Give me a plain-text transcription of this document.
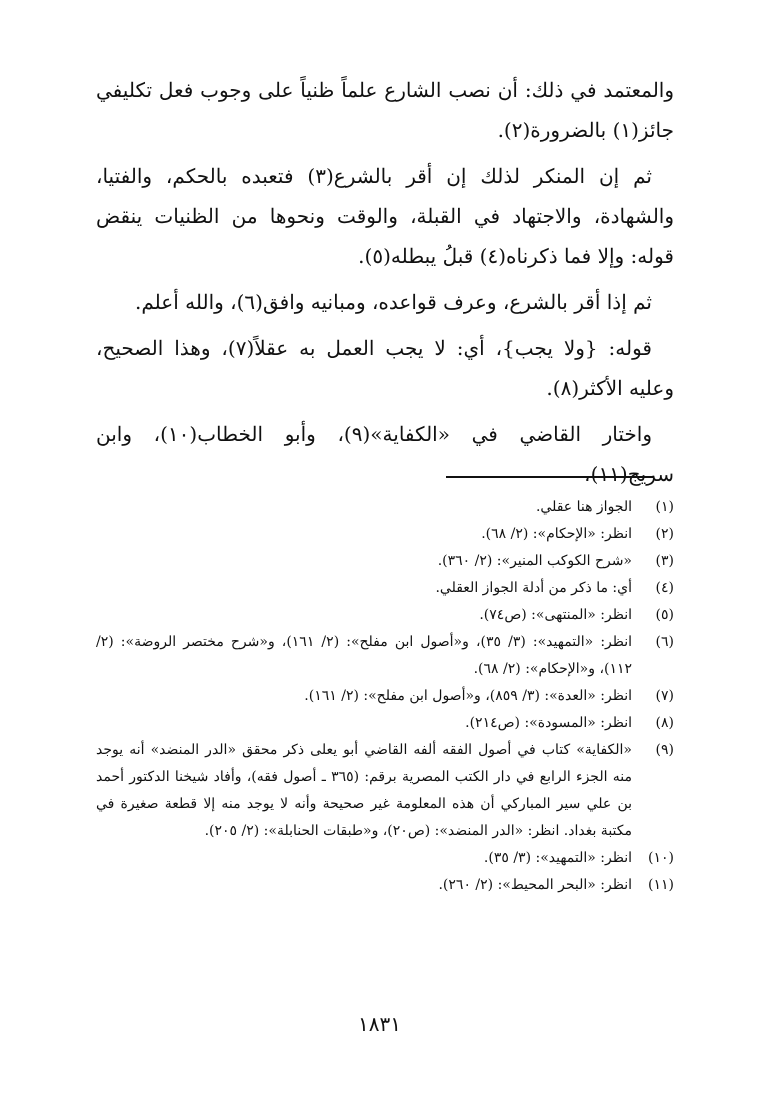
والمعتمد في ذلك: أن نصب الشارع علماً ظنياً على وجوب فعل تكليفي جائز(١) بالضرورة(٢).

ثم إن المنكر لذلك إن أقر بالشرع(٣) فتعبده بالحكم، والفتيا، والشهادة، والاجتهاد في القبلة، والوقت ونحوها من الظنيات ينقض قوله: وإلا فما ذكرناه(٤) قبلُ يبطله(٥).

ثم إذا أقر بالشرع، وعرف قواعده، ومبانيه وافق(٦)، والله أعلم.

قوله: {ولا يجب}، أي: لا يجب العمل به عقلاً(٧)، وهذا الصحيح، وعليه الأكثر(٨).

واختار القاضي في «الكفاية»(٩)، وأبو الخطاب(١٠)، وابن سريج(١١)،

(١)
الجواز هنا عقلي.
(٢)
انظر: «الإحكام»: (٢/ ٦٨).
(٣)
«شرح الكوكب المنير»: (٢/ ٣٦٠).
(٤)
أي: ما ذكر من أدلة الجواز العقلي.
(٥)
انظر: «المنتهى»: (ص٧٤).
(٦)
انظر: «التمهيد»: (٣/ ٣٥)، و«أصول ابن مفلح»: (٢/ ١٦١)، و«شرح مختصر الروضة»: (٢/ ١١٢)، و«الإحكام»: (٢/ ٦٨).
(٧)
انظر: «العدة»: (٣/ ٨٥٩)، و«أصول ابن مفلح»: (٢/ ١٦١).
(٨)
انظر: «المسودة»: (ص٢١٤).
(٩)
«الكفاية» كتاب في أصول الفقه ألفه القاضي أبو يعلى ذكر محقق «الدر المنضد» أنه يوجد منه الجزء الرابع في دار الكتب المصرية برقم: (٣٦٥ ـ أصول فقه)، وأفاد شيخنا الدكتور أحمد بن علي سير المباركي أن هذه المعلومة غير صحيحة وأنه لا يوجد منه إلا قطعة صغيرة في مكتبة بغداد. انظر: «الدر المنضد»: (ص٢٠)، و«طبقات الحنابلة»: (٢/ ٢٠٥).
(١٠)
انظر: «التمهيد»: (٣/ ٣٥).
(١١)
انظر: «البحر المحيط»: (٢/ ٢٦٠).
١٨٣١
